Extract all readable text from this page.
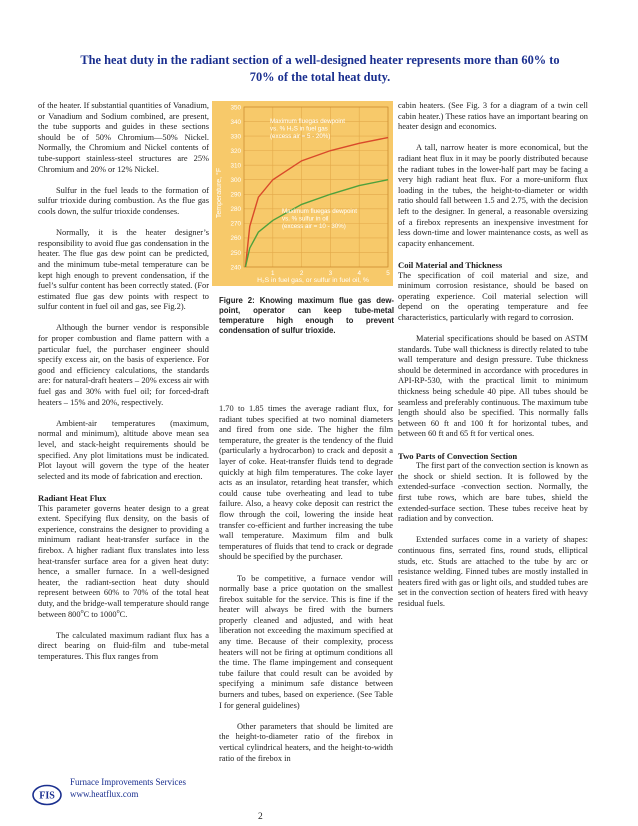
The heat duty in the radiant section of a well-designed heater represents more than 60% to
70% of the total heat duty.

of the heater. If substantial quantities of Vanadium, or Vanadium and Sodium combined, are present, the tube supports and guides in these sections should be of 50% Chromium—50% Nickel. Normally, the Chromium and Nickel contents of tube-support stainless-steel structures are 25% Chromium and 20% or 12% Nickel.

Sulfur in the fuel leads to the formation of sulfur trioxide during combustion. As the flue gas cools down, the sulfur trioxide condenses.

Normally, it is the heater designer’s responsibility to avoid flue gas condensation in the heater. The flue gas dew point can be predicted, and the minimum tube-metal temperature can be kept high enough to prevent condensation, if the fuel’s sulfur content has been correctly stated. (For estimated flue gas dew points with respect to sulfur content in fuel oil and gas, see Fig.2).

Although the burner vendor is responsible for proper combustion and flame pattern with a particular fuel, the purchaser engineer should specify excess air, on the basis of experience. For good and efficiency calculations, the standards are: for natural-draft heaters – 20% excess air with fuel gas and 30% with fuel oil; for forced-draft heaters – 15% and 20%, respectively.

Ambient-air temperatures (maximum, normal and minimum), altitude above mean sea level, and stack-height requirements should be specified. Any plot limitations must be indicated. Plot layout will govern the type of the heater selected and its mode of fabrication and erection.

Radiant Heat Flux

This parameter governs heater design to a great extent. Specifying flux density, on the basis of experience, constrains the designer to providing a minimum radiant heat-transfer surface in the firebox. A higher radiant flux translates into less heat-transfer surface area for a given heat duty: hence, a smaller furnace. In a well-designed heater, the radiant-section heat duty should represent between 60% to 70% of the total heat duty, and the bridge-wall temperature should range between 800$^o$C to 1000$^o$C.

The calculated maximum radiant flux has a direct bearing on fluid-film and tube-metal temperatures. This flux ranges from

240
250
260
270
280
290
300
310
320
330
340
350
1	2	3	4	5
Maximum fluegas dewpoint
vs. % H₂S in fuel gas
(excess air = 5 - 20%)
Maximum fluegas dewpoint
vs. % sulfur in oil
(excess air = 10 - 30%)
Temperature, °F
H₂S in fuel gas, or sulfur in fuel oil, %
Figure 2: Knowing maximum flue gas dew-point, operator can keep tube-metal temperature high enough to prevent condensation of sulfur trioxide.

1.70 to 1.85 times the average radiant flux, for radiant tubes specified at two nominal diameters and fired from one side. The higher the film temperature, the greater is the tendency of the fluid (particularly a hydrocarbon) to crack and deposit a layer of coke. Heat-transfer fluids tend to degrade quickly at high film temperatures. The coke layer acts as an insulator, retarding heat transfer, which could cause tube overheating and lead to tube failure. Also, a heavy coke deposit can restrict the flow through the coil, lowering the inside heat transfer co-efficient and further increasing the tube wall temperature. Maximum film and bulk temperatures of fluids that tend to crack or degrade should be specified by the purchaser.

To be competitive, a furnace vendor will normally base a price quotation on the smallest firebox suitable for the service. This is fine if the heater will always be fired with the burners properly cleaned and adjusted, and with heat liberation not exceeding the maximum specified at any time. Because of their complexity, process heaters will not be firing at optimum conditions all the time. The flame impingement and consequent tube failure that could result can be avoided by specifying a minimum safe distance between burners and tubes, based on experience. (See Table I for general guidelines)

Other parameters that should be limited are the height-to-diameter ratio of the firebox in vertical cylindrical heaters, and the height-to-width ratio of the firebox in

cabin heaters. (See Fig. 3 for a diagram of a twin cell cabin heater.) These ratios have an important bearing on heater design and economics.

A tall, narrow heater is more economical, but the radiant heat flux in it may be poorly distributed because the radiant tubes in the lower-half part may be facing a very high radiant heat flux. For a more-uniform flux loading in the tubes, the height-to-diameter or width ratio should fall between 1.5 and 2.75, with the decision left to the designer. In general, a reasonable oversizing of a firebox represents an inexpensive investment for less down-time and lower maintenance costs, as well as capacity enhancement.

Coil Material and Thickness

The specification of coil material and size, and minimum corrosion resistance, should be based on operating experience. Coil material selection will depend on the operating temperature and fee characteristics, particularly with regard to corrosion.

Material specifications should be based on ASTM standards. Tube wall thickness is directly related to tube wall temperature and design pressure. Tube thickness should be determined in accordance with procedures in API-RP-530, with the practical limit to minimum thickness being schedule 40 pipe. All tubes should be seamless and preferably continuous. The maximum tube length should also be specified. This normally falls between 60 ft and 100 ft for horizontal tubes, and between 60 ft and 65 ft for vertical ones.

Two Parts of Convection Section

The first part of the convection section is known as the shock or shield section. It is followed by the extended-surface -convection section. Normally, the first tube rows, which are bare tubes, shield the extended-surface section. These tubes receive heat by radiation and by convection.

Extended surfaces come in a variety of shapes: continuous fins, serrated fins, round studs, elliptical studs, etc. Studs are attached to the tube by arc or resistance welding. Finned tubes are mostly installed in heaters fired with gas or light oils, and studded tubes are set in the convection section of heaters fired with heavy residual fuels.

FIS
Furnace Improvements Services
www.heatflux.com
2
